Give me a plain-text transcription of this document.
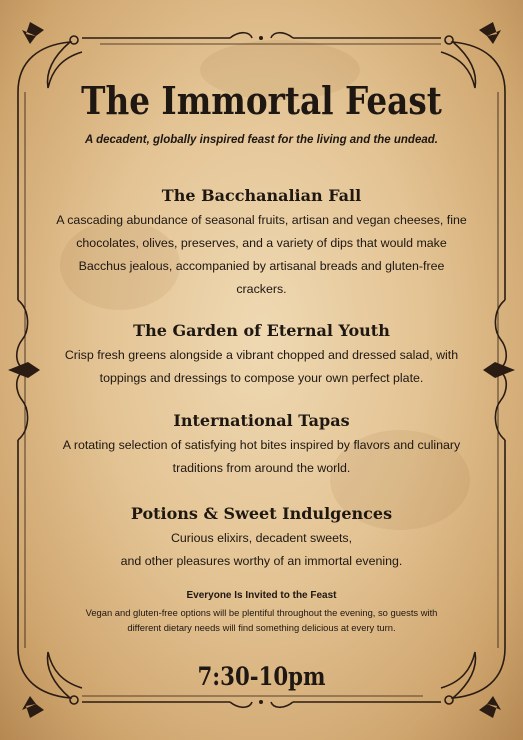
The Immortal Feast
A decadent, globally inspired feast for the living and the undead.
The Bacchanalian Fall
A cascading abundance of seasonal fruits, artisan and vegan cheeses, fine
chocolates, olives, preserves, and a variety of dips that would make
Bacchus jealous, accompanied by artisanal breads and gluten-free
crackers.
The Garden of Eternal Youth
Crisp fresh greens alongside a vibrant chopped and dressed salad, with
toppings and dressings to compose your own perfect plate.
International Tapas
A rotating selection of satisfying hot bites inspired by flavors and culinary
traditions from around the world.
Potions & Sweet Indulgences
Curious elixirs, decadent sweets,
and other pleasures worthy of an immortal evening.
Everyone Is Invited to the Feast
Vegan and gluten-free options will be plentiful throughout the evening, so guests with
different dietary needs will find something delicious at every turn.
7:30-10pm
